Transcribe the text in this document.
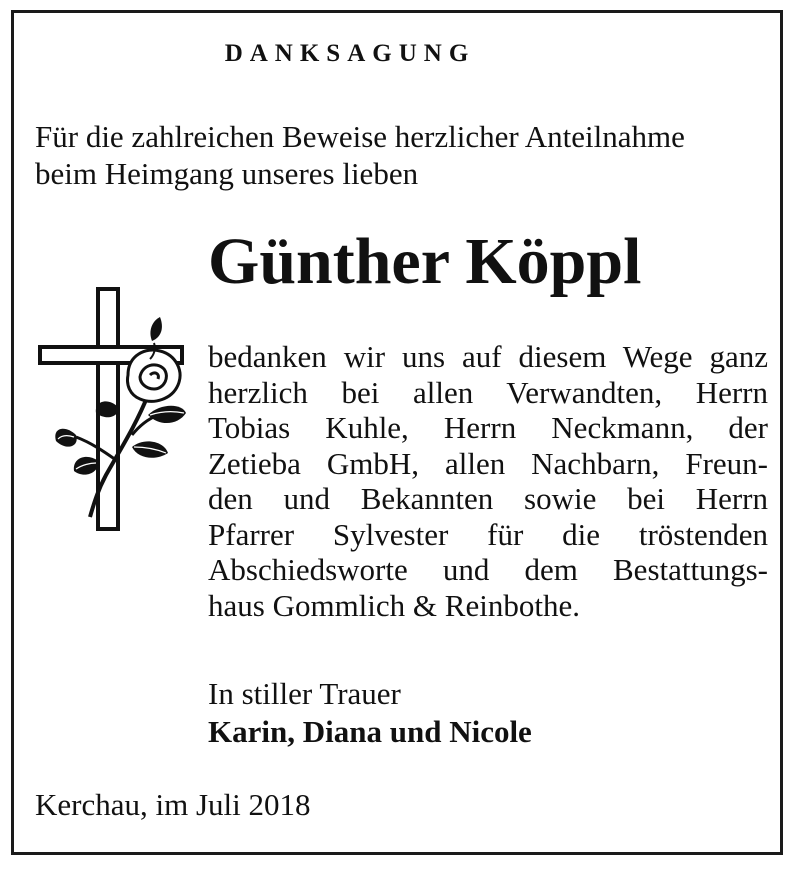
DANKSAGUNG
Für die zahlreichen Beweise herzlicher Anteilnahme
beim Heimgang unseres lieben
Günther Köppl
bedanken wir uns auf diesem Wege ganz
herzlich bei allen Verwandten, Herrn
Tobias Kuhle, Herrn Neckmann, der
Zetieba GmbH, allen Nachbarn, Freun-
den und Bekannten sowie bei Herrn
Pfarrer Sylvester für die tröstenden
Abschiedsworte und dem Bestattungs-
haus Gommlich & Reinbothe.
In stiller Trauer
Karin, Diana und Nicole
Kerchau, im Juli 2018
